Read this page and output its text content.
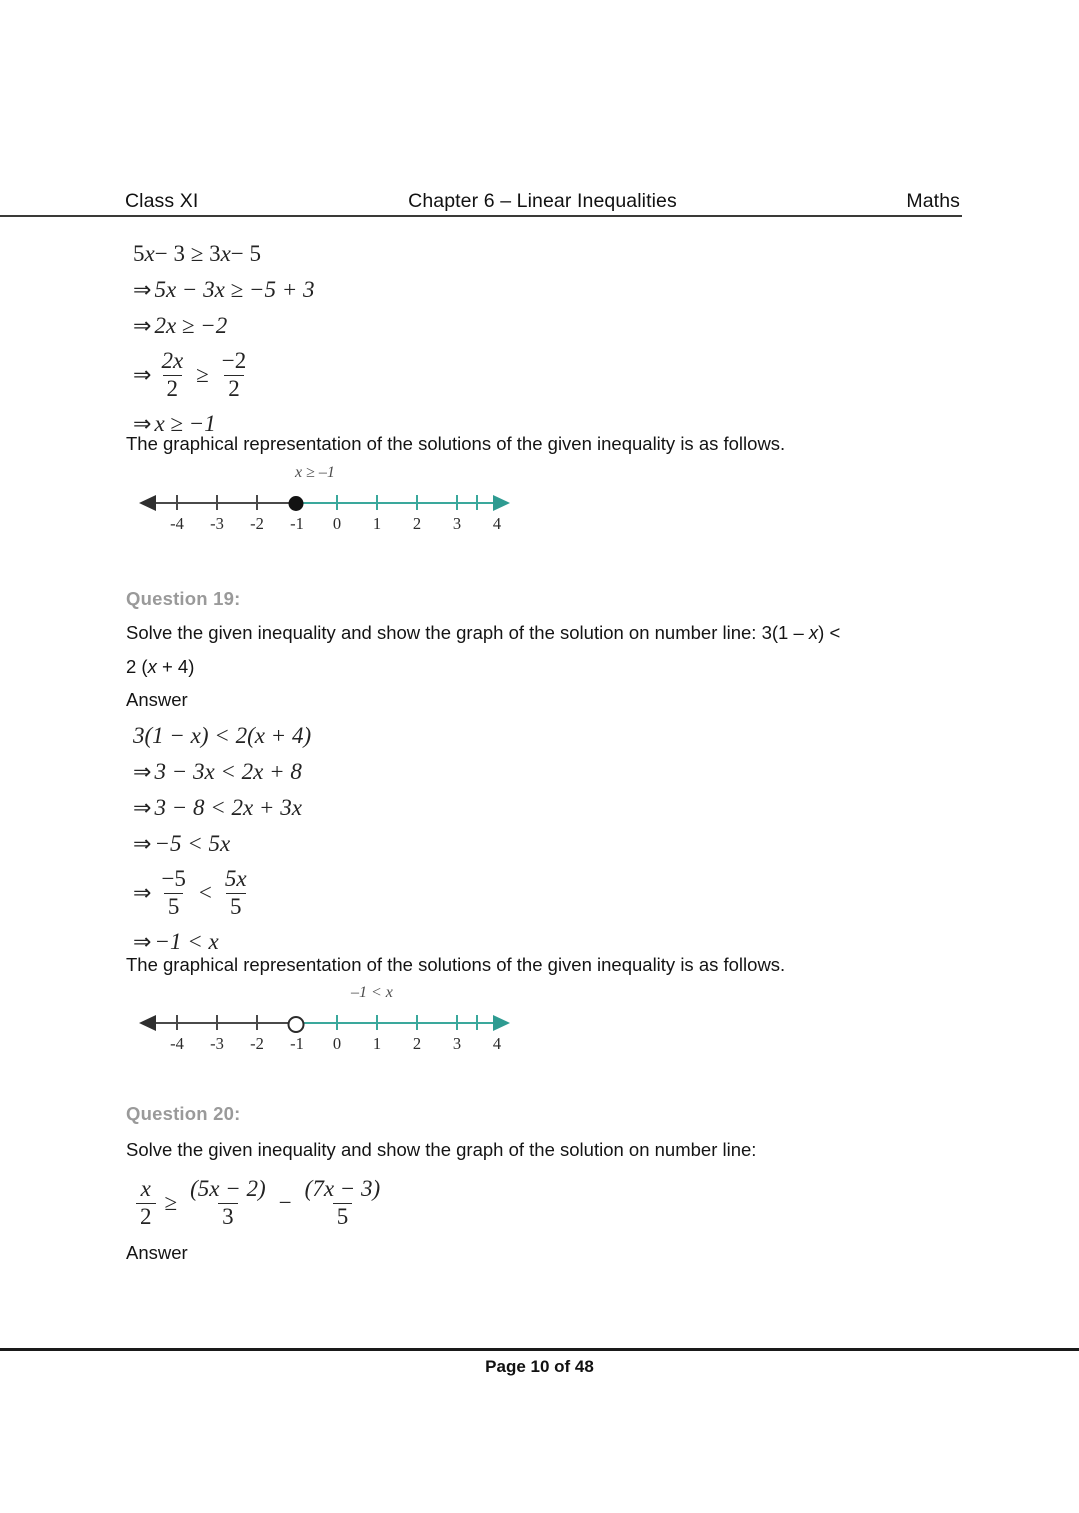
Class XI	Chapter 6 – Linear Inequalities	Maths
5 x − 3 ≥ 3 x − 5
⇒ 5x − 3x ≥ −5 + 3
⇒ 2x ≥ −2
⇒ $\frac{2x}{2} \ge \frac{-2}{2}$
⇒ x ≥ −1
The graphical representation of the solutions of the given inequality is as follows.
x ≥ –1
-4 -3 -2 -1 0 1 2 3 4
Question 19:
Solve the given inequality and show the graph of the solution on number line: 3(1 – x) <
2 (x + 4)
Answer
3(1 − x) < 2(x + 4)
⇒ 3 − 3x < 2x + 8
⇒ 3 − 8 < 2x + 3x
⇒ −5 < 5x
⇒ $\frac{-5}{5} < \frac{5x}{5}$
⇒ −1 < x
The graphical representation of the solutions of the given inequality is as follows.
–1 < x
-4 -3 -2 -1 0 1 2 3 4
Question 20:
Solve the given inequality and show the graph of the solution on number line:
$\frac{x}{2} \ge \frac{(5x - 2)}{3} - \frac{(7x - 3)}{5}$
Answer
Page 10 of 48
